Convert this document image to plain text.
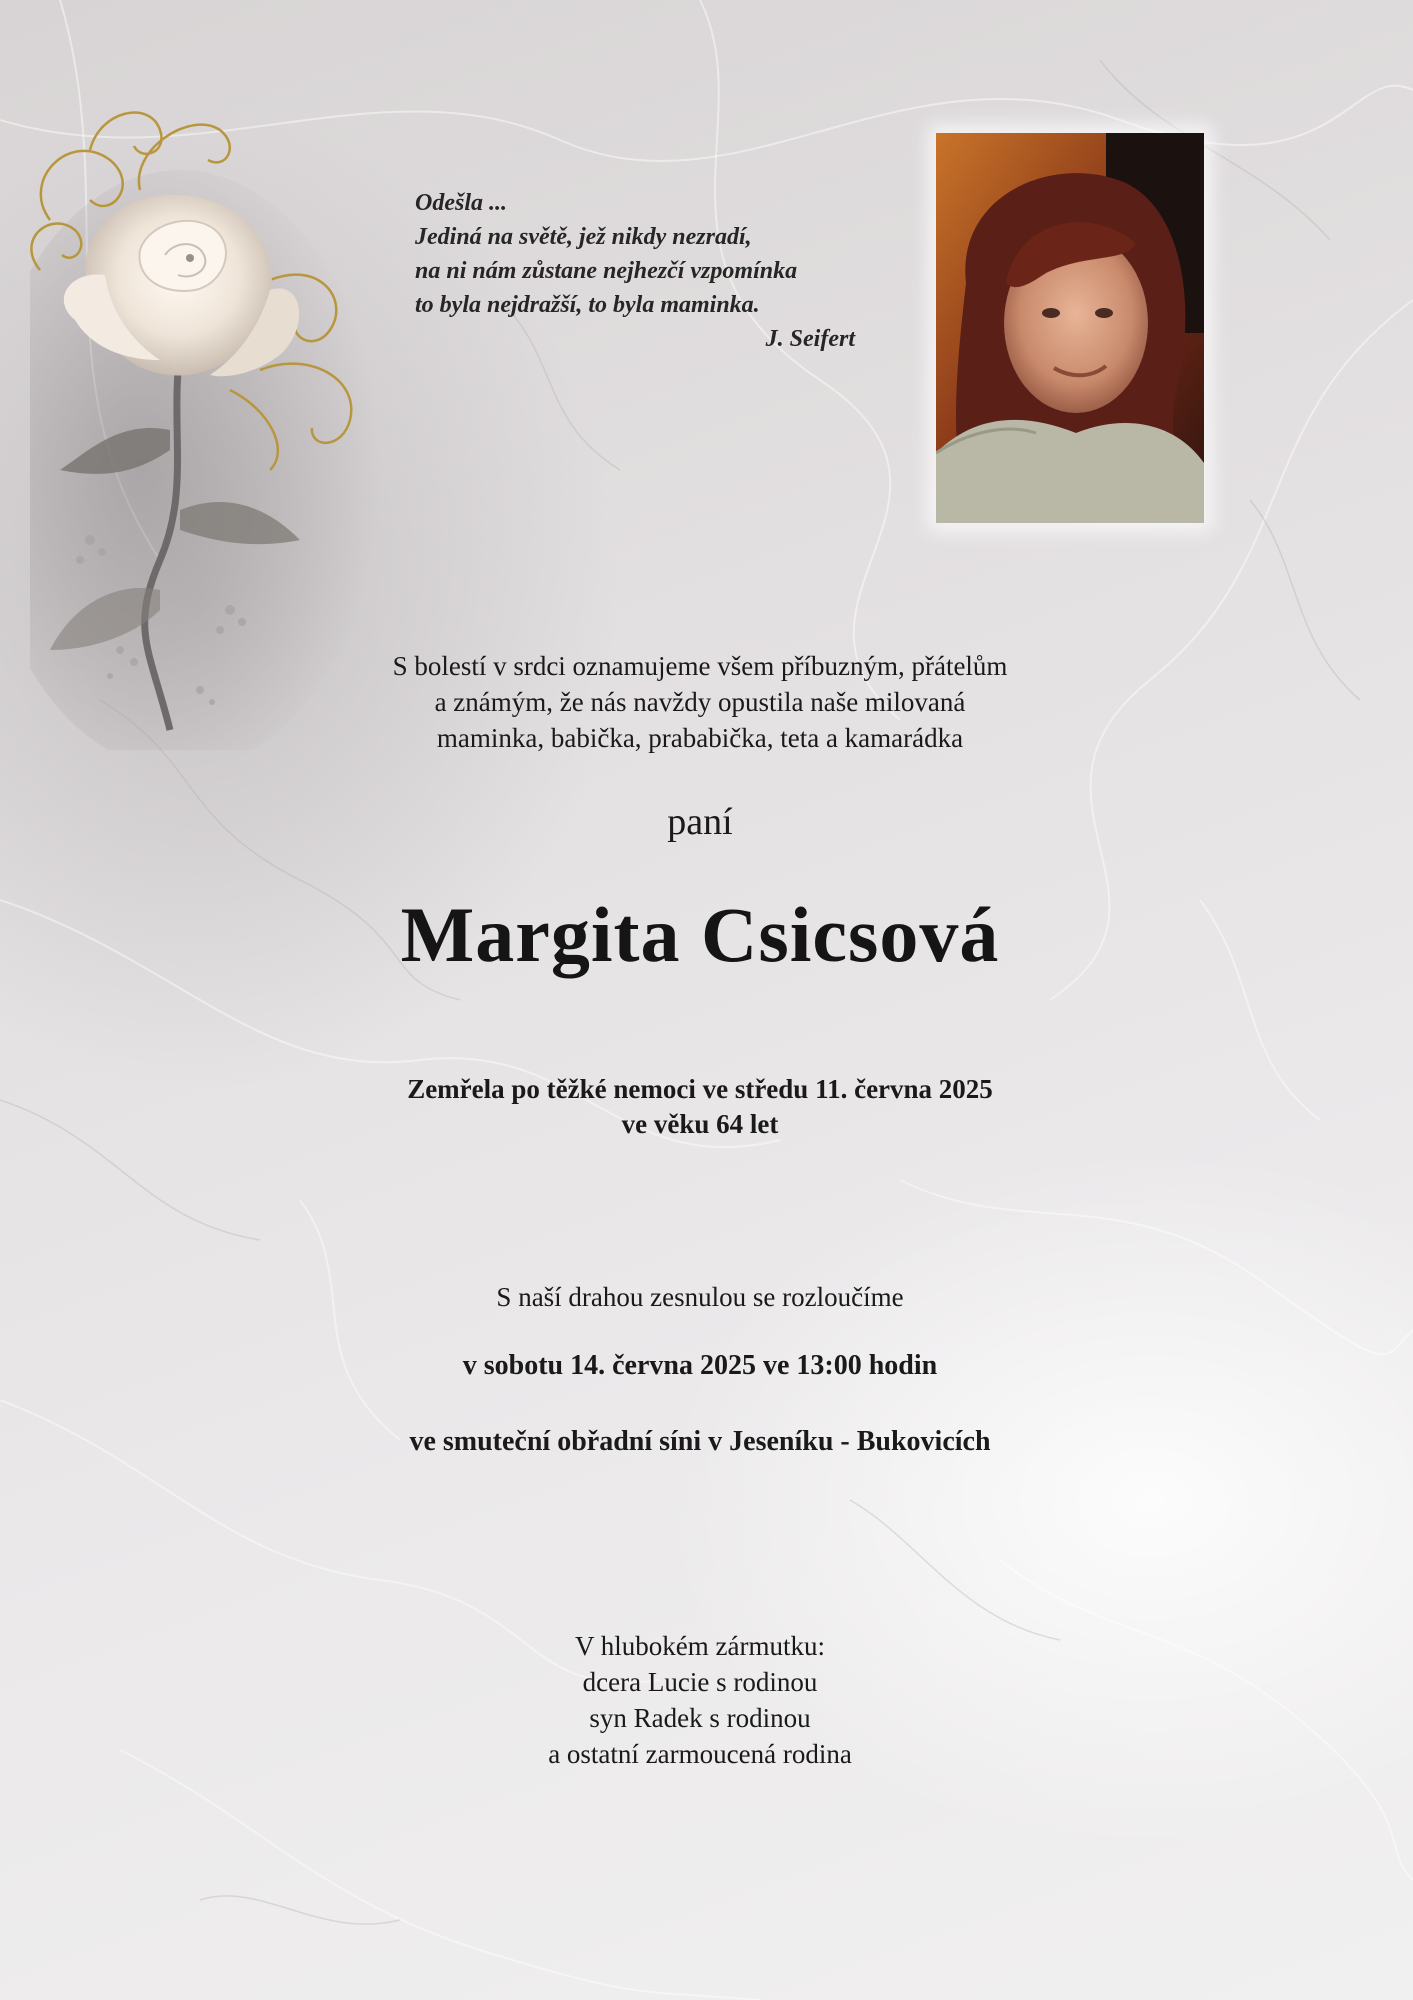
Odešla ...
Jediná na světě, jež nikdy nezradí,
na ni nám zůstane nejhezčí vzpomínka
to byla nejdražší, to byla maminka.
J. Seifert
S bolestí v srdci oznamujeme všem příbuzným, přátelům
a známým, že nás navždy opustila naše milovaná
maminka, babička, prababička, teta a kamarádka
paní
Margita Csicsová
Zemřela po těžké nemoci ve středu 11. června 2025
ve věku 64 let
S naší drahou zesnulou se rozloučíme
v sobotu 14. června 2025 ve 13:00 hodin
ve smuteční obřadní síni v Jeseníku - Bukovicích
V hlubokém zármutku:
dcera Lucie s rodinou
syn Radek s rodinou
a ostatní zarmoucená rodina
